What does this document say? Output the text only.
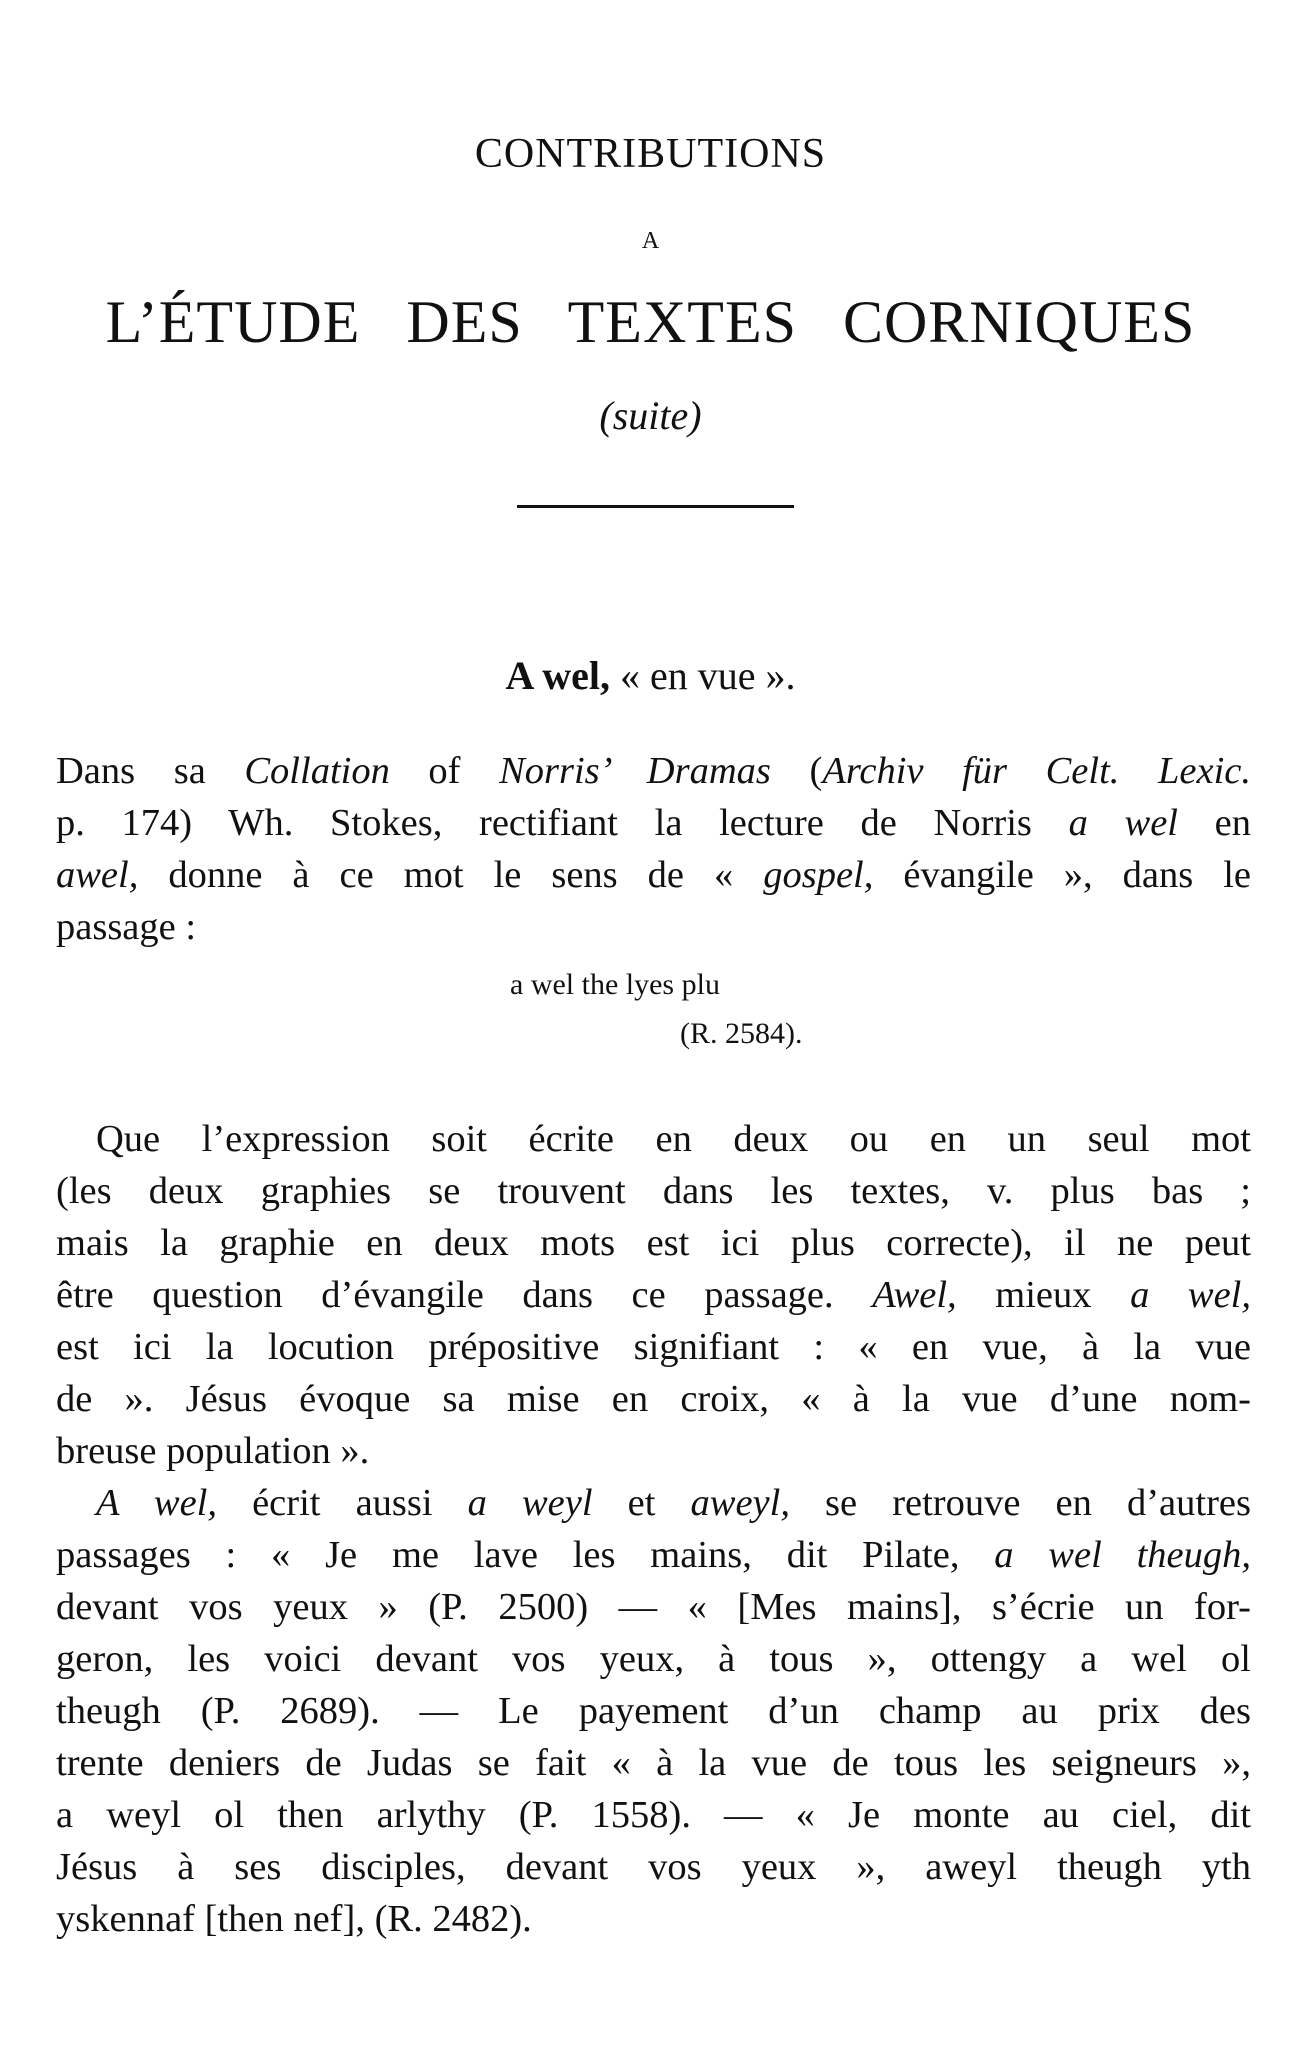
CONTRIBUTIONS
A
L’ÉTUDE DES TEXTES CORNIQUES
(suite)
A wel, « en vue ».
Dans sa Collation of Norris’ Dramas (Archiv für Celt. Lexic.
p. 174) Wh. Stokes, rectifiant la lecture de Norris a wel en
awel, donne à ce mot le sens de « gospel, évangile », dans le
passage :
a wel the lyes plu
(R. 2584).
Que l’expression soit écrite en deux ou en un seul mot
(les deux graphies se trouvent dans les textes, v. plus bas ;
mais la graphie en deux mots est ici plus correcte), il ne peut
être question d’évangile dans ce passage. Awel, mieux a wel,
est ici la locution prépositive signifiant : « en vue, à la vue
de ». Jésus évoque sa mise en croix, « à la vue d’une nom-
breuse population ».
A wel, écrit aussi a weyl et aweyl, se retrouve en d’autres
passages : « Je me lave les mains, dit Pilate, a wel theugh,
devant vos yeux » (P. 2500) — « [Mes mains], s’écrie un for-
geron, les voici devant vos yeux, à tous », ottengy a wel ol
theugh (P. 2689). — Le payement d’un champ au prix des
trente deniers de Judas se fait « à la vue de tous les seigneurs »,
a weyl ol then arlythy (P. 1558). — « Je monte au ciel, dit
Jésus à ses disciples, devant vos yeux », aweyl theugh yth
yskennaf [then nef], (R. 2482).
